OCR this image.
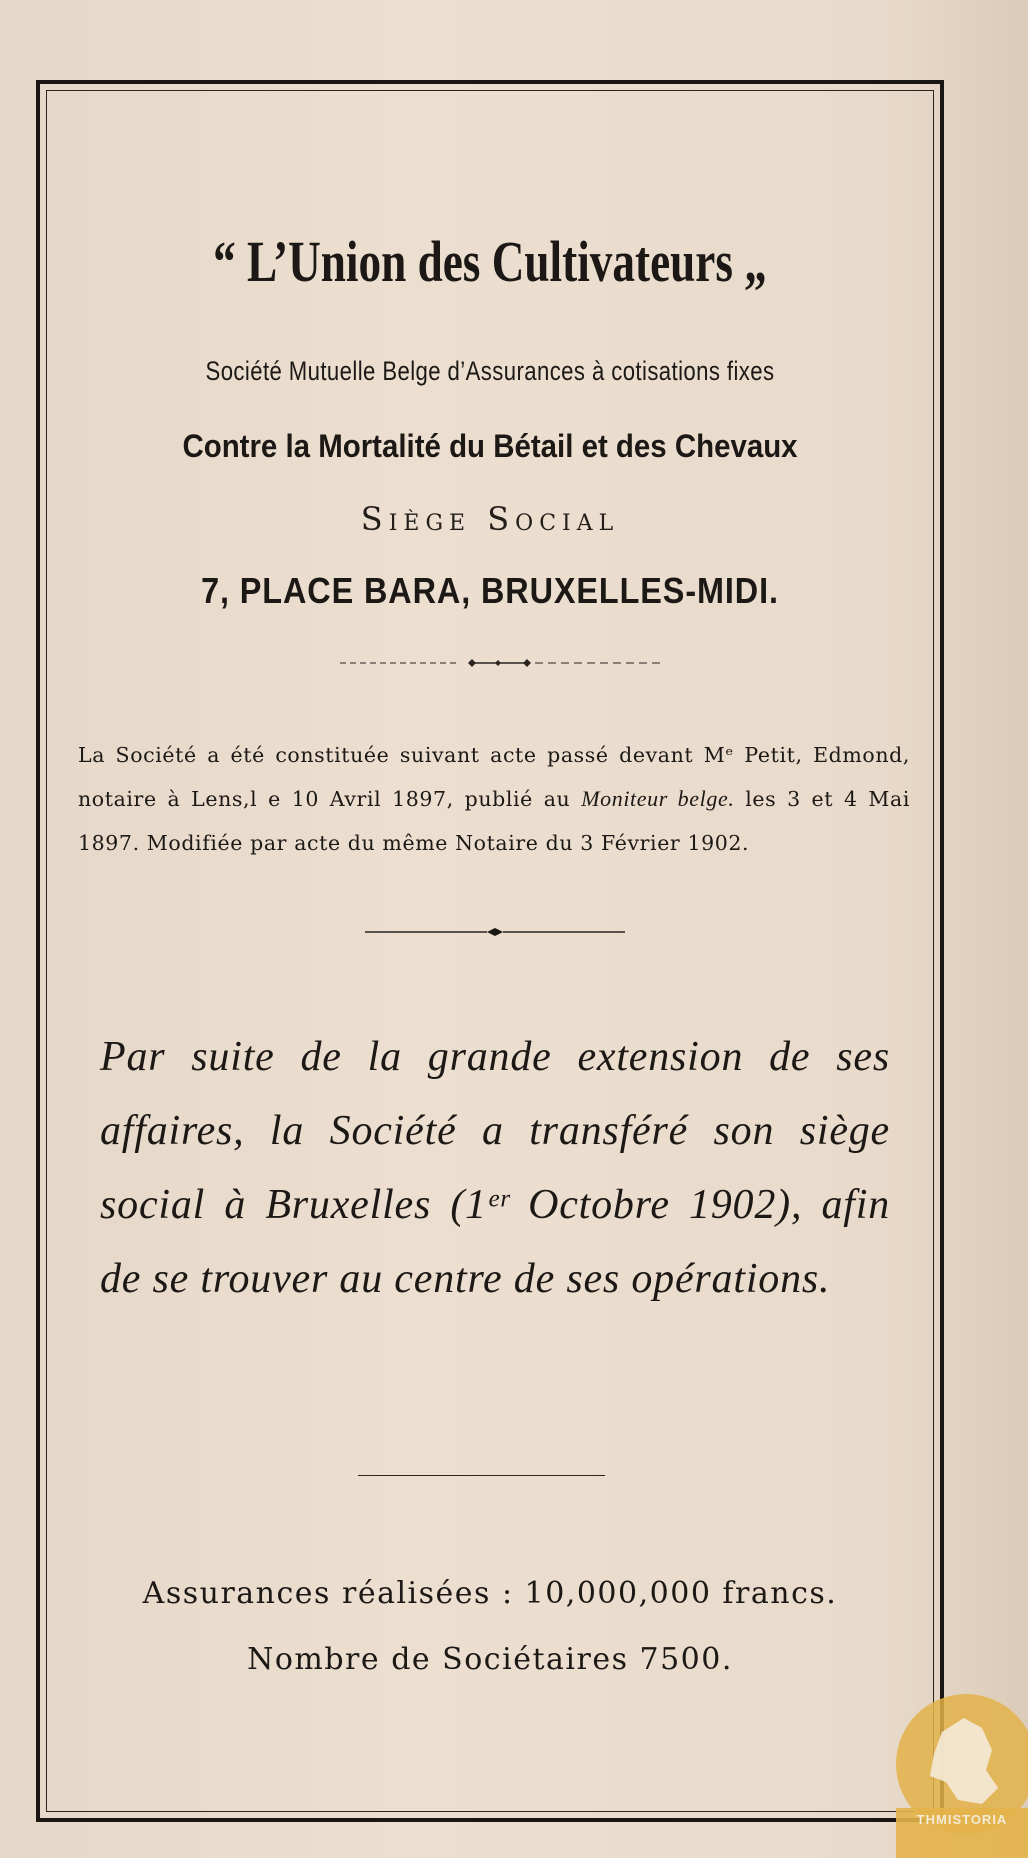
“ L’Union des Cultivateurs „
Société Mutuelle Belge d’Assurances à cotisations fixes
Contre la Mortalité du Bétail et des Chevaux
Siège Social
7, PLACE BARA, BRUXELLES-MIDI.
La Société a été constituée suivant acte passé devant Mᵉ Petit, Edmond, notaire à Lens,l e 10 Avril 1897, publié au Moniteur belge. les 3 et 4 Mai 1897. Modifiée par acte du même Notaire du 3 Février 1902.

Par suite de la grande extension de ses affaires, la Société a transféré son siège social à Bruxelles (1ᵉʳ Octobre 1902), afin de se trouver au centre de ses opérations.

Assurances réalisées : 10,000,000 francs.
Nombre de Sociétaires 7500.
THMISTORIA
